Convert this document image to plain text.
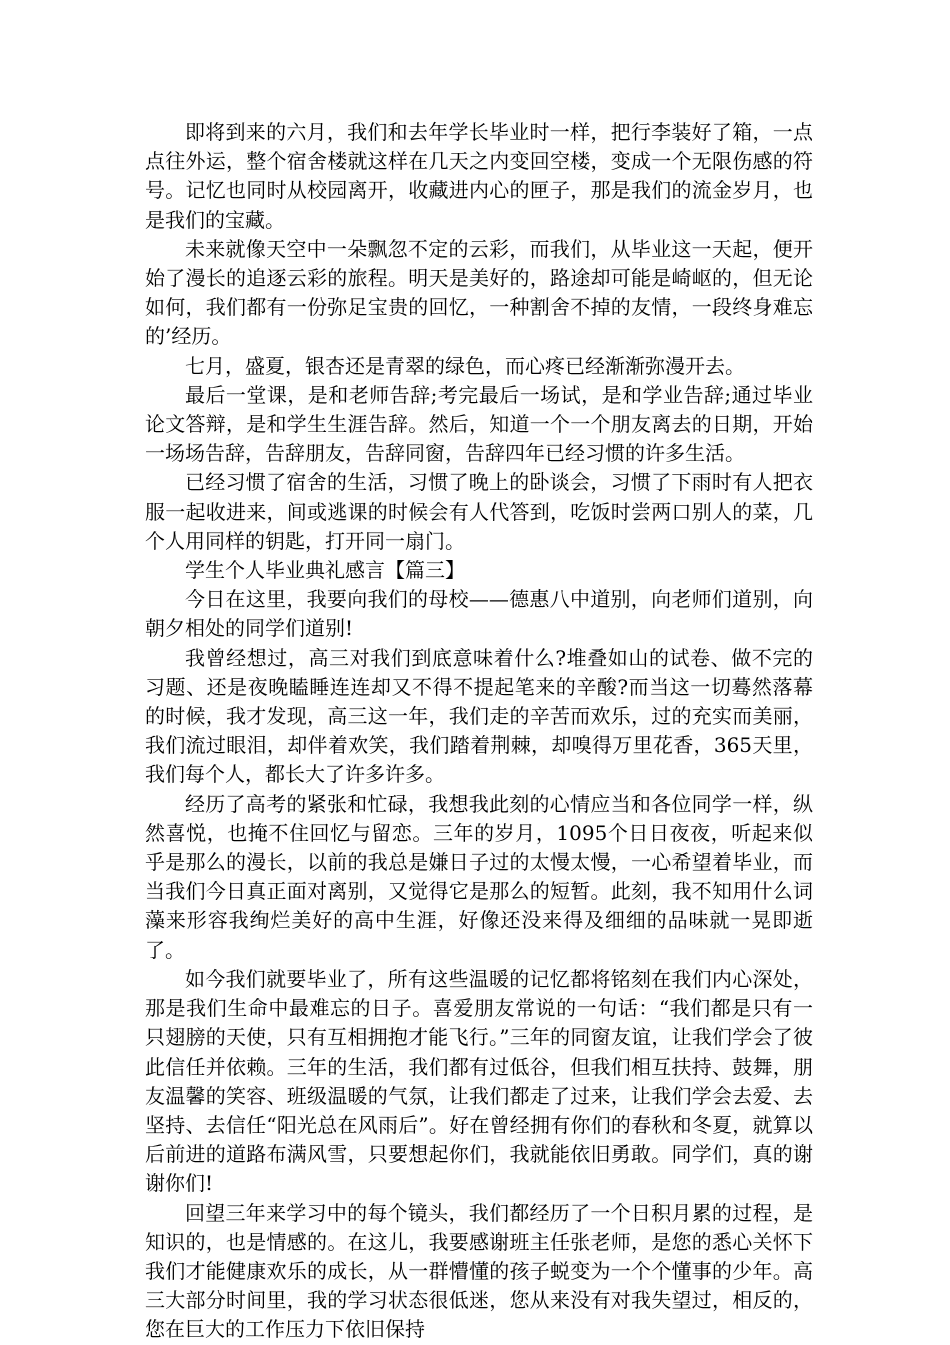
即将到来的六月，我们和去年学长毕业时一样，把行李装好了箱，一点点往外运，整个宿舍楼就这样在几天之内变回空楼，变成一个无限伤感的符号。记忆也同时从校园离开，收藏进内心的匣子，那是我们的流金岁月，也是我们的宝藏。

未来就像天空中一朵飘忽不定的云彩，而我们，从毕业这一天起，便开始了漫长的追逐云彩的旅程。明天是美好的，路途却可能是崎岖的，但无论如何，我们都有一份弥足宝贵的回忆，一种割舍不掉的友情，一段终身难忘的’经历。

七月，盛夏，银杏还是青翠的绿色，而心疼已经渐渐弥漫开去。

最后一堂课，是和老师告辞;考完最后一场试，是和学业告辞;通过毕业论文答辩，是和学生生涯告辞。然后，知道一个一个朋友离去的日期，开始一场场告辞，告辞朋友，告辞同窗，告辞四年已经习惯的许多生活。

已经习惯了宿舍的生活，习惯了晚上的卧谈会，习惯了下雨时有人把衣服一起收进来，间或逃课的时候会有人代答到，吃饭时尝两口别人的菜，几个人用同样的钥匙，打开同一扇门。

学生个人毕业典礼感言【篇三】

今日在这里，我要向我们的母校——德惠八中道别，向老师们道别，向朝夕相处的同学们道别!

我曾经想过，高三对我们到底意味着什么?堆叠如山的试卷、做不完的习题、还是夜晚瞌睡连连却又不得不提起笔来的辛酸?而当这一切蓦然落幕的时候，我才发现，高三这一年，我们走的辛苦而欢乐，过的充实而美丽，我们流过眼泪，却伴着欢笑，我们踏着荆棘，却嗅得万里花香，365天里，我们每个人，都长大了许多许多。

经历了高考的紧张和忙碌，我想我此刻的心情应当和各位同学一样，纵然喜悦，也掩不住回忆与留恋。三年的岁月，1095个日日夜夜，听起来似乎是那么的漫长，以前的我总是嫌日子过的太慢太慢，一心希望着毕业，而当我们今日真正面对离别，又觉得它是那么的短暂。此刻，我不知用什么词藻来形容我绚烂美好的高中生涯，好像还没来得及细细的品味就一晃即逝了。

如今我们就要毕业了，所有这些温暖的记忆都将铭刻在我们内心深处，那是我们生命中最难忘的日子。喜爱朋友常说的一句话：“我们都是只有一只翅膀的天使，只有互相拥抱才能飞行。”三年的同窗友谊，让我们学会了彼此信任并依赖。三年的生活，我们都有过低谷，但我们相互扶持、鼓舞，朋友温馨的笑容、班级温暖的气氛，让我们都走了过来，让我们学会去爱、去坚持、去信任“阳光总在风雨后”。好在曾经拥有你们的春秋和冬夏，就算以后前进的道路布满风雪，只要想起你们，我就能依旧勇敢。同学们，真的谢谢你们!

回望三年来学习中的每个镜头，我们都经历了一个日积月累的过程，是知识的，也是情感的。在这儿，我要感谢班主任张老师，是您的悉心关怀下我们才能健康欢乐的成长，从一群懵懂的孩子蜕变为一个个懂事的少年。高三大部分时间里，我的学习状态很低迷，您从来没有对我失望过，相反的，您在巨大的工作压力下依旧保持
